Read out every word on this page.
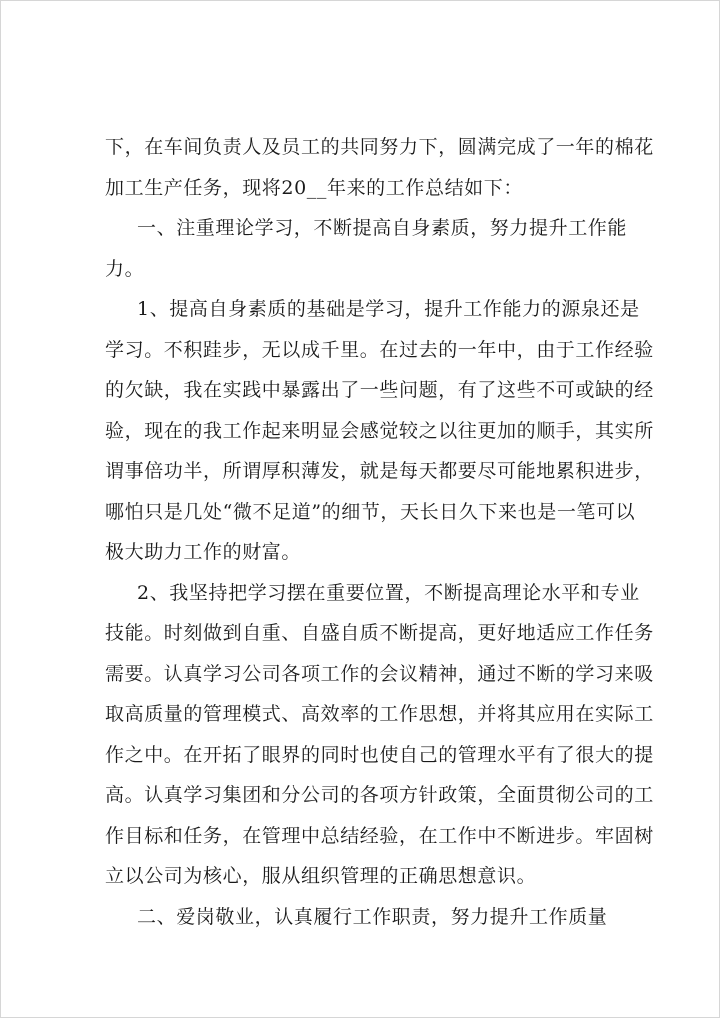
下，在车间负责人及员工的共同努力下，圆满完成了一年的棉花
加工生产任务，现将20__年来的工作总结如下：
一、注重理论学习，不断提高自身素质，努力提升工作能
力。
1、提高自身素质的基础是学习，提升工作能力的源泉还是
学习。不积跬步，无以成千里。在过去的一年中，由于工作经验
的欠缺，我在实践中暴露出了一些问题，有了这些不可或缺的经
验，现在的我工作起来明显会感觉较之以往更加的顺手，其实所
谓事倍功半，所谓厚积薄发，就是每天都要尽可能地累积进步，
哪怕只是几处“微不足道”的细节，天长日久下来也是一笔可以
极大助力工作的财富。
2、我坚持把学习摆在重要位置，不断提高理论水平和专业
技能。时刻做到自重、自盛自质不断提高，更好地适应工作任务
需要。认真学习公司各项工作的会议精神，通过不断的学习来吸
取高质量的管理模式、高效率的工作思想，并将其应用在实际工
作之中。在开拓了眼界的同时也使自己的管理水平有了很大的提
高。认真学习集团和分公司的各项方针政策，全面贯彻公司的工
作目标和任务，在管理中总结经验，在工作中不断进步。牢固树
立以公司为核心，服从组织管理的正确思想意识。
二、爱岗敬业，认真履行工作职责，努力提升工作质量
